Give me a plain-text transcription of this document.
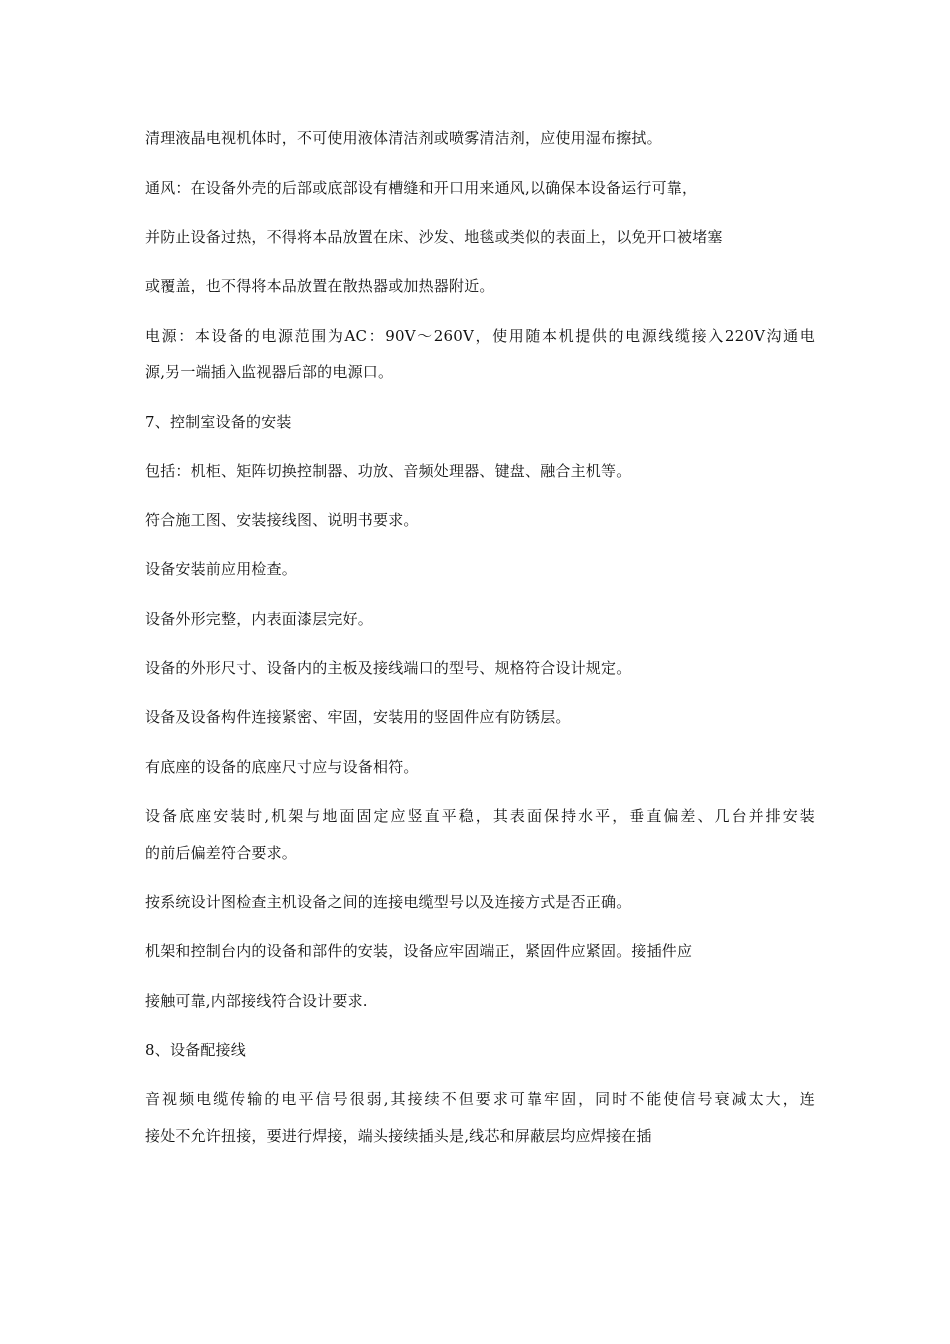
清理液晶电视机体时，不可使用液体清洁剂或喷雾清洁剂，应使用湿布擦拭。
通风：在设备外壳的后部或底部设有槽缝和开口用来通风,以确保本设备运行可靠，
并防止设备过热，不得将本品放置在床、沙发、地毯或类似的表面上，以免开口被堵塞
或覆盖，也不得将本品放置在散热器或加热器附近。
电源：本设备的电源范围为AC：90V～260V，使用随本机提供的电源线缆接入220V沟通电
源,另一端插入监视器后部的电源口。
7、控制室设备的安装
包括：机柜、矩阵切换控制器、功放、音频处理器、键盘、融合主机等。
符合施工图、安装接线图、说明书要求。
设备安装前应用检查。
设备外形完整，内表面漆层完好。
设备的外形尺寸、设备内的主板及接线端口的型号、规格符合设计规定。
设备及设备构件连接紧密、牢固，安装用的竖固件应有防锈层。
有底座的设备的底座尺寸应与设备相符。
设备底座安装时,机架与地面固定应竖直平稳，其表面保持水平，垂直偏差、几台并排安装
的前后偏差符合要求。
按系统设计图检查主机设备之间的连接电缆型号以及连接方式是否正确。
机架和控制台内的设备和部件的安装，设备应牢固端正，紧固件应紧固。接插件应
接触可靠,内部接线符合设计要求.
8、设备配接线
音视频电缆传输的电平信号很弱,其接续不但要求可靠牢固，同时不能使信号衰减太大，连
接处不允许扭接，要进行焊接，端头接续插头是,线芯和屏蔽层均应焊接在插
